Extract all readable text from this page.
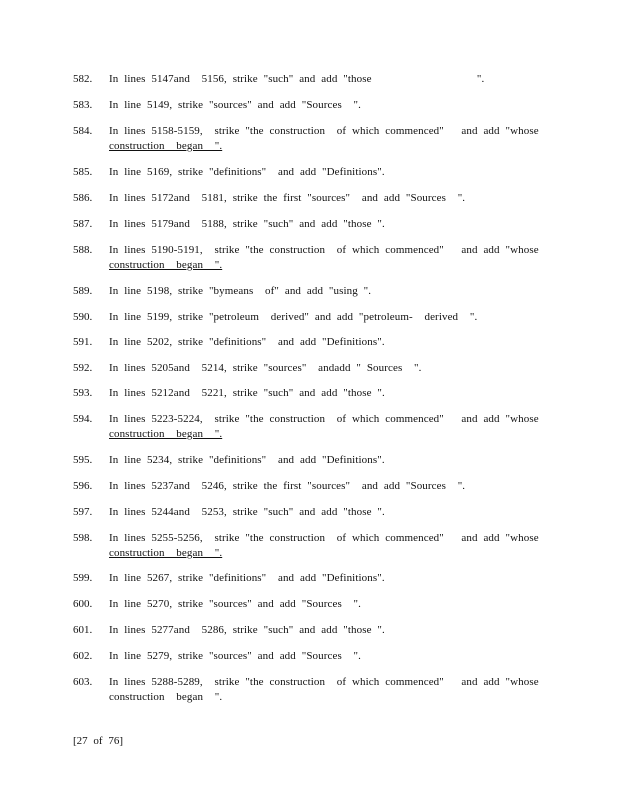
582.	In lines 5147and  5156, strike "such" and add "those                  ".
583.	In line 5149, strike "sources" and add "Sources  ".
584.	In lines 5158-5159,  strike "the construction  of which commenced"   and add "whose
construction  began  ".
585.	In line 5169, strike "definitions"  and add "Definitions".
586.	In lines 5172and  5181, strike the first "sources"  and add "Sources  ".
587.	In lines 5179and  5188, strike "such" and add "those ".
588.	In lines 5190-5191,  strike "the construction  of which commenced"   and add "whose
construction  began  ".
589.	In line 5198, strike "bymeans  of" and add "using ".
590.	In line 5199, strike "petroleum  derived" and add "petroleum-  derived  ".
591.	In line 5202, strike "definitions"  and add "Definitions".
592.	In lines 5205and  5214, strike "sources"  andadd " Sources  ".
593.	In lines 5212and  5221, strike "such" and add "those ".
594.	In lines 5223-5224,  strike "the construction  of which commenced"   and add "whose
construction  began  ".
595.	In line 5234, strike "definitions"  and add "Definitions".
596.	In lines 5237and  5246, strike the first "sources"  and add "Sources  ".
597.	In lines 5244and  5253, strike "such" and add "those ".
598.	In lines 5255-5256,  strike "the construction  of which commenced"   and add "whose
construction  began  ".
599.	In line 5267, strike "definitions"  and add "Definitions".
600.	In line 5270, strike "sources" and add "Sources  ".
601.	In lines 5277and  5286, strike "such" and add "those ".
602.	In line 5279, strike "sources" and add "Sources  ".
603.	In lines 5288-5289,  strike "the construction  of which commenced"   and add "whose
construction  began  ".
[27 of 76]
